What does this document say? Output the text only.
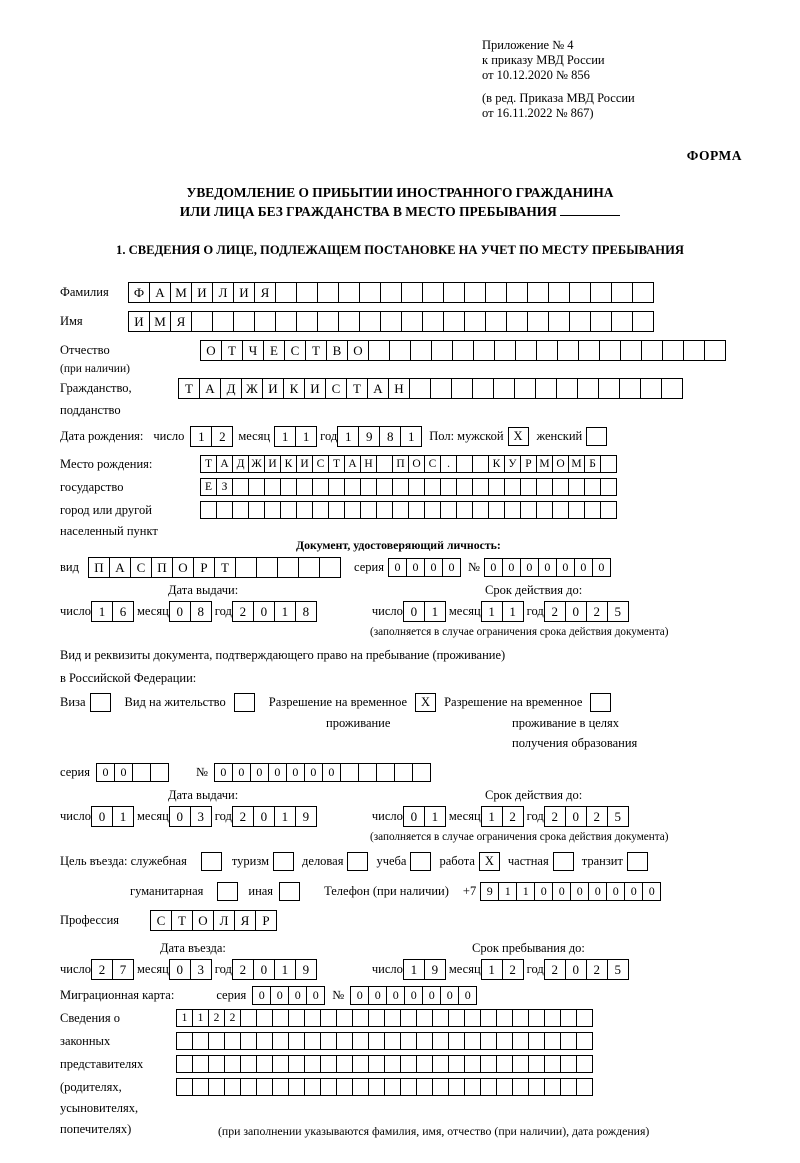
Приложение № 4
к приказу МВД России
от 10.12.2020 № 856
(в ред. Приказа МВД России
от 16.11.2022 № 867)
ФОРМА
УВЕДОМЛЕНИЕ О ПРИБЫТИИ ИНОСТРАННОГО ГРАЖДАНИНА
ИЛИ ЛИЦА БЕЗ ГРАЖДАНСТВА В МЕСТО ПРЕБЫВАНИЯ
1. СВЕДЕНИЯ О ЛИЦЕ, ПОДЛЕЖАЩЕМ ПОСТАНОВКЕ НА УЧЕТ ПО МЕСТУ ПРЕБЫВАНИЯ
Фамилия	Ф А М И Л И Я
Имя	И М Я
Отчество	О Т Ч Е С Т В О
(при наличии)
Гражданство,	Т А Д Ж И К И С Т А Н
подданство
Дата рождения: число	1	2	месяц 1	1 год 1	9	8	1	Пол: мужской X	женский
Место рождения:	Т А Д Ж И К И С Т А Н	П О С .	К У Р М О М Б
государство	Е З
город или другой
населенный пункт
Документ, удостоверяющий личность:
вид	П А С П О Р	Т	серия 0	0	0	0	№ 0	0	0	0	0	0	0
Дата выдачи:	Срок действия до:
число 1	6 месяц 0	8 год 2	0	1	8	число 0	1 месяц 1	1 год 2	0	2	5
(заполняется в случае ограничения срока действия документа)
Вид и реквизиты документа, подтверждающего право на пребывание (проживание)
в Российской Федерации:
Виза	Вид на жительство	Разрешение на временное	X	Разрешение на временное
проживание	проживание в целях
получения образования
серия	0	0	№	0	0	0	0	0	0	0
Дата выдачи:	Срок действия до:
число 0	1 месяц 0	3 год 2	0	1	9	число 0	1 месяц 1	2 год 2	0	2	5
(заполняется в случае ограничения срока действия документа)
Цель въезда: служебная	туризм	деловая	учеба	работа X	частная	транзит
гуманитарная	иная	Телефон (при наличии) +7 9	1	1	0	0	0	0	0	0	0
Профессия	С Т О Л Я	Р
Дата въезда:	Срок пребывания до:
число 2	7 месяц 0	3 год 2	0	1	9	число 1	9 месяц 1	2 год 2	0	2	5
Миграционная карта:	серия	0	0	0	0	№	0	0	0	0	0	0	0
Сведения о	1 1 2 2
законных
представителях
(родителях,
усыновителях,
попечителях)	(при заполнении указываются фамилия, имя, отчество (при наличии), дата рождения)
